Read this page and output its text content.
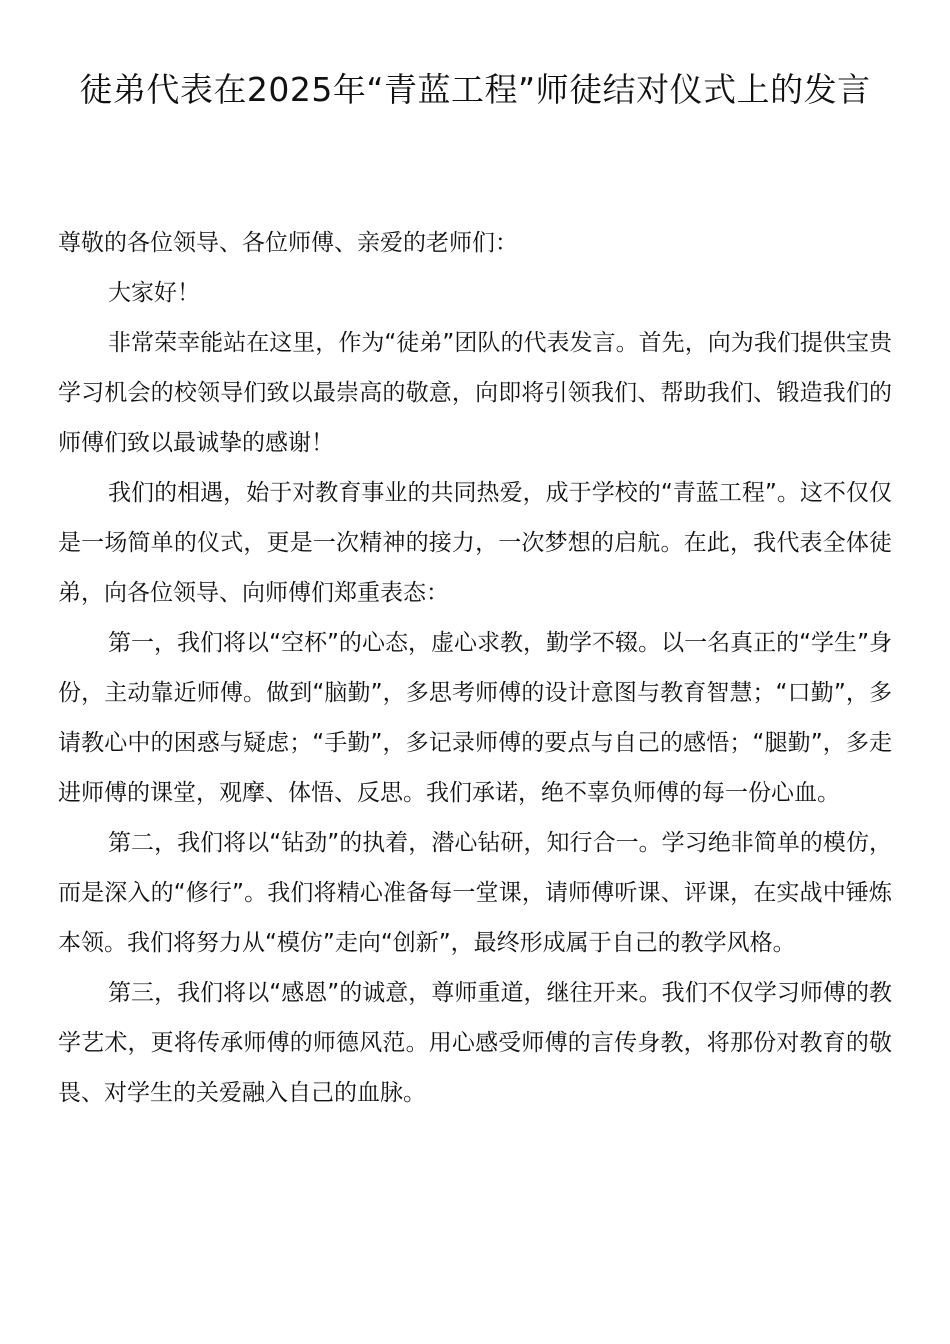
徒弟代表在2025年“青蓝工程”师徒结对仪式上的发言

尊敬的各位领导、各位师傅、亲爱的老师们：

大家好！

非常荣幸能站在这里，作为“徒弟”团队的代表发言。首先，向为我们提供宝贵学习机会的校领导们致以最崇高的敬意，向即将引领我们、帮助我们、锻造我们的师傅们致以最诚挚的感谢！

我们的相遇，始于对教育事业的共同热爱，成于学校的“青蓝工程”。这不仅仅是一场简单的仪式，更是一次精神的接力，一次梦想的启航。在此，我代表全体徒弟，向各位领导、向师傅们郑重表态：

第一，我们将以“空杯”的心态，虚心求教，勤学不辍。以一名真正的“学生”身份，主动靠近师傅。做到“脑勤”，多思考师傅的设计意图与教育智慧；“口勤”，多请教心中的困惑与疑虑；“手勤”，多记录师傅的要点与自己的感悟；“腿勤”，多走进师傅的课堂，观摩、体悟、反思。我们承诺，绝不辜负师傅的每一份心血。

第二，我们将以“钻劲”的执着，潜心钻研，知行合一。学习绝非简单的模仿，而是深入的“修行”。我们将精心准备每一堂课，请师傅听课、评课，在实战中锤炼本领。我们将努力从“模仿”走向“创新”，最终形成属于自己的教学风格。

第三，我们将以“感恩”的诚意，尊师重道，继往开来。我们不仅学习师傅的教学艺术，更将传承师傅的师德风范。用心感受师傅的言传身教，将那份对教育的敬畏、对学生的关爱融入自己的血脉。
